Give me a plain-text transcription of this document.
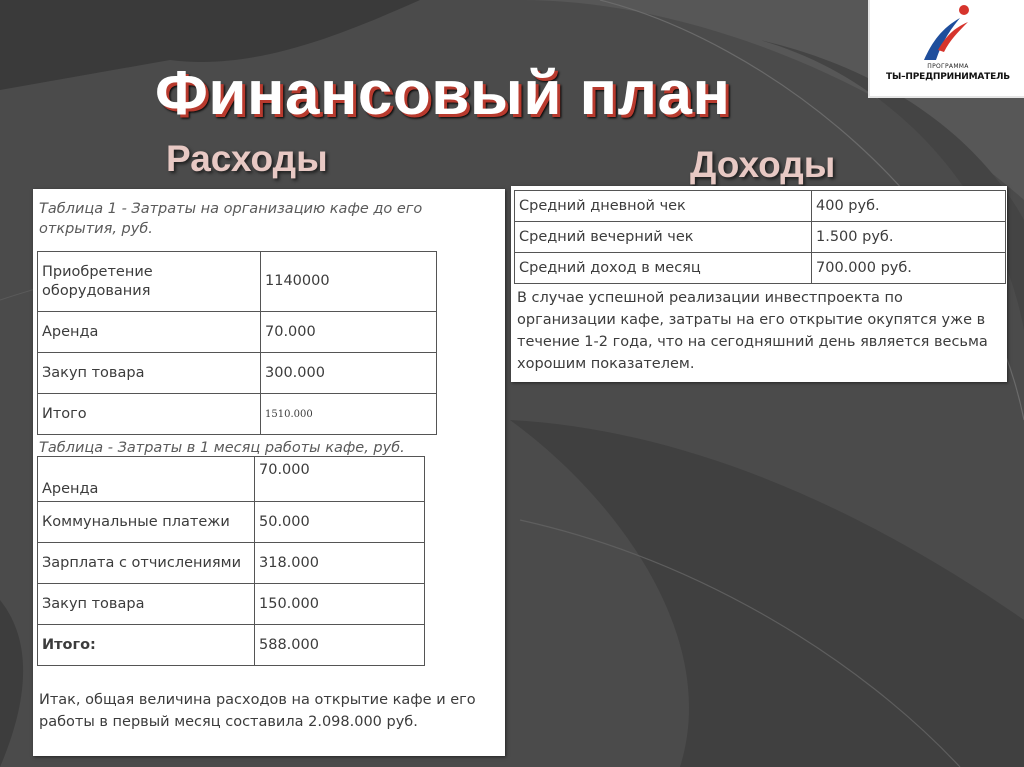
ПРОГРАММА
ТЫ–ПРЕДПРИНИМАТЕЛЬ
Финансовый план
Расходы	Доходы
Таблица 1 - Затраты на организацию кафе до его открытия, руб.
Приобретение оборудования	1140000
Аренда	70.000
Закуп товара	300.000
Итого	1510.000
Таблица - Затраты в 1 месяц работы кафе, руб.
Аренда	70.000
Коммунальные платежи	50.000
Зарплата с отчислениями	318.000
Закуп товара	150.000
Итого:	588.000
Итак, общая величина расходов на открытие кафе и его работы в первый месяц составила 2.098.000 руб.
Средний дневной чек	400 руб.
Средний вечерний чек	1.500 руб.
Средний доход в месяц	700.000 руб.
В случае успешной реализации инвестпроекта по организации кафе, затраты на его открытие окупятся уже в течение 1-2 года, что на сегодняшний день является весьма хорошим показателем.
